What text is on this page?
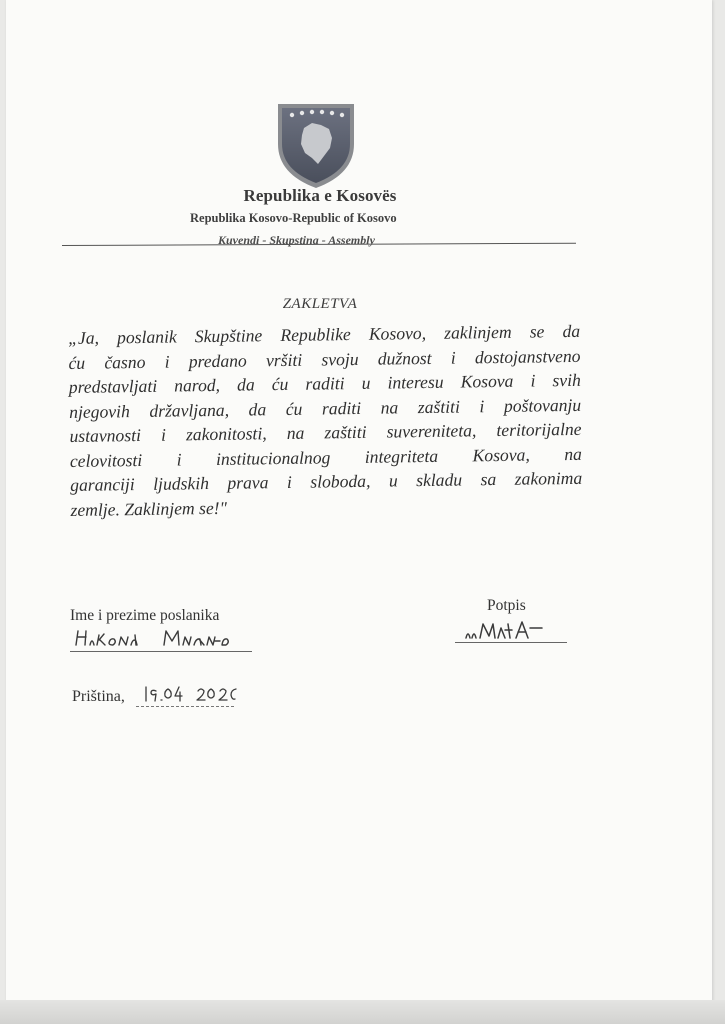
Republika e Kosovës
Republika Kosovo-Republic of Kosovo
Kuvendi - Skupstina - Assembly
ZAKLETVA
„Ja, poslanik Skupštine Republike Kosovo, zaklinjem se da
ću časno i predano vršiti svoju dužnost i dostojanstveno
predstavljati narod, da ću raditi u interesu Kosova i svih
njegovih državljana, da ću raditi na zaštiti i poštovanju
ustavnosti i zakonitosti, na zaštiti suvereniteta, teritorijalne
celovitosti i institucionalnog integriteta Kosova, na
garanciji ljudskih prava i sloboda, u skladu sa zakonima
zemlje. Zaklinjem se!"
Ime i prezime poslanika
Potpis
Priština,
